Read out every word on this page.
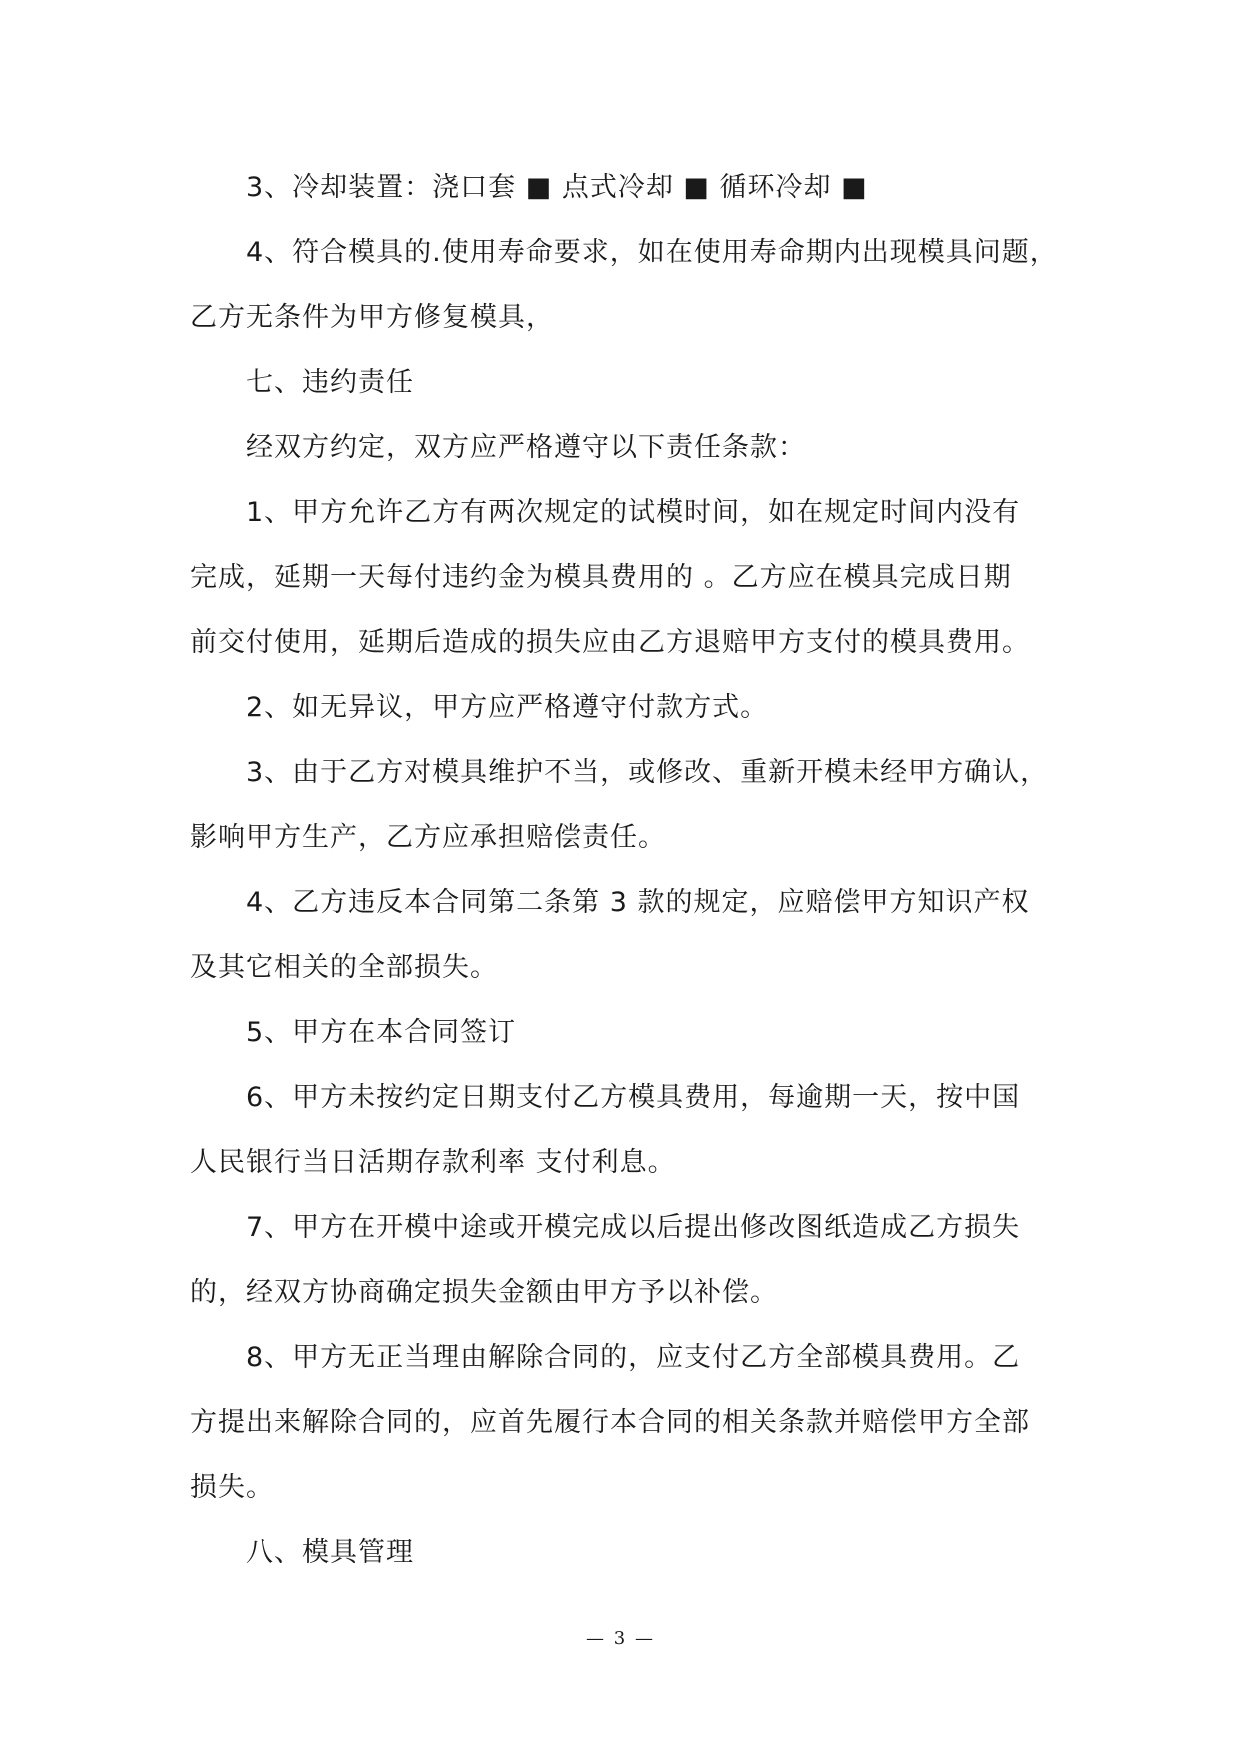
3、冷却装置：浇口套 ■ 点式冷却 ■ 循环冷却 ■
4、符合模具的.使用寿命要求，如在使用寿命期内出现模具问题，
乙方无条件为甲方修复模具，
七、违约责任
经双方约定，双方应严格遵守以下责任条款：
1、甲方允许乙方有两次规定的试模时间，如在规定时间内没有
完成，延期一天每付违约金为模具费用的 。乙方应在模具完成日期
前交付使用，延期后造成的损失应由乙方退赔甲方支付的模具费用。
2、如无异议，甲方应严格遵守付款方式。
3、由于乙方对模具维护不当，或修改、重新开模未经甲方确认，
影响甲方生产，乙方应承担赔偿责任。
4、乙方违反本合同第二条第 3 款的规定，应赔偿甲方知识产权
及其它相关的全部损失。
5、甲方在本合同签订
6、甲方未按约定日期支付乙方模具费用，每逾期一天，按中国
人民银行当日活期存款利率 支付利息。
7、甲方在开模中途或开模完成以后提出修改图纸造成乙方损失
的，经双方协商确定损失金额由甲方予以补偿。
8、甲方无正当理由解除合同的，应支付乙方全部模具费用。乙
方提出来解除合同的，应首先履行本合同的相关条款并赔偿甲方全部
损失。
八、模具管理
— 3 —
